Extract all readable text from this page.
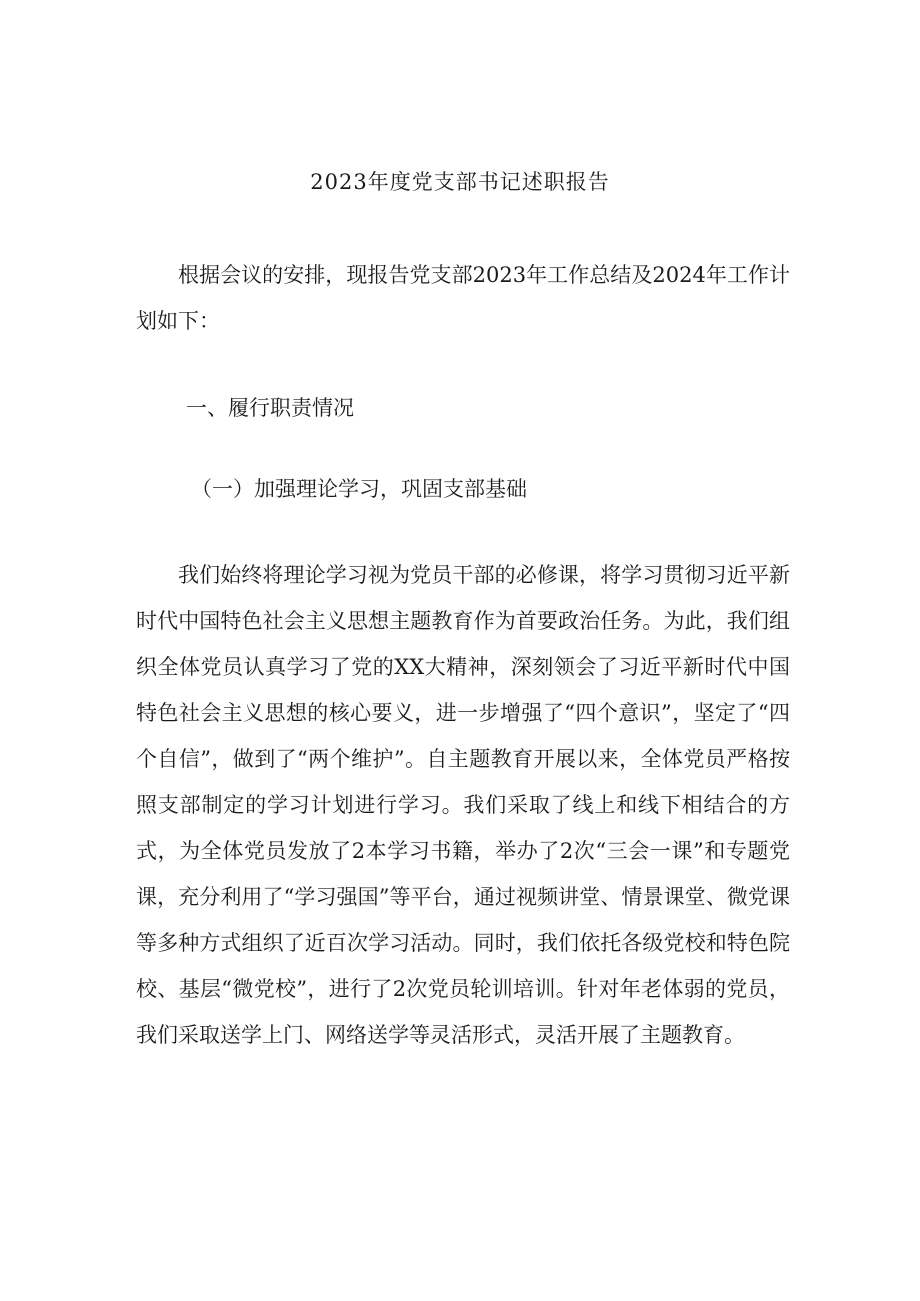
2023年度党支部书记述职报告

根据会议的安排，现报告党支部2023年工作总结及2024年工作计划如下：

一、履行职责情况

（一）加强理论学习，巩固支部基础

我们始终将理论学习视为党员干部的必修课，将学习贯彻习近平新时代中国特色社会主义思想主题教育作为首要政治任务。为此，我们组织全体党员认真学习了党的XX大精神，深刻领会了习近平新时代中国特色社会主义思想的核心要义，进一步增强了“四个意识”，坚定了“四个自信”，做到了“两个维护”。自主题教育开展以来，全体党员严格按照支部制定的学习计划进行学习。我们采取了线上和线下相结合的方式，为全体党员发放了2本学习书籍，举办了2次“三会一课”和专题党课，充分利用了“学习强国”等平台，通过视频讲堂、情景课堂、微党课等多种方式组织了近百次学习活动。同时，我们依托各级党校和特色院校、基层“微党校”，进行了2次党员轮训培训。针对年老体弱的党员，我们采取送学上门、网络送学等灵活形式，灵活开展了主题教育。
